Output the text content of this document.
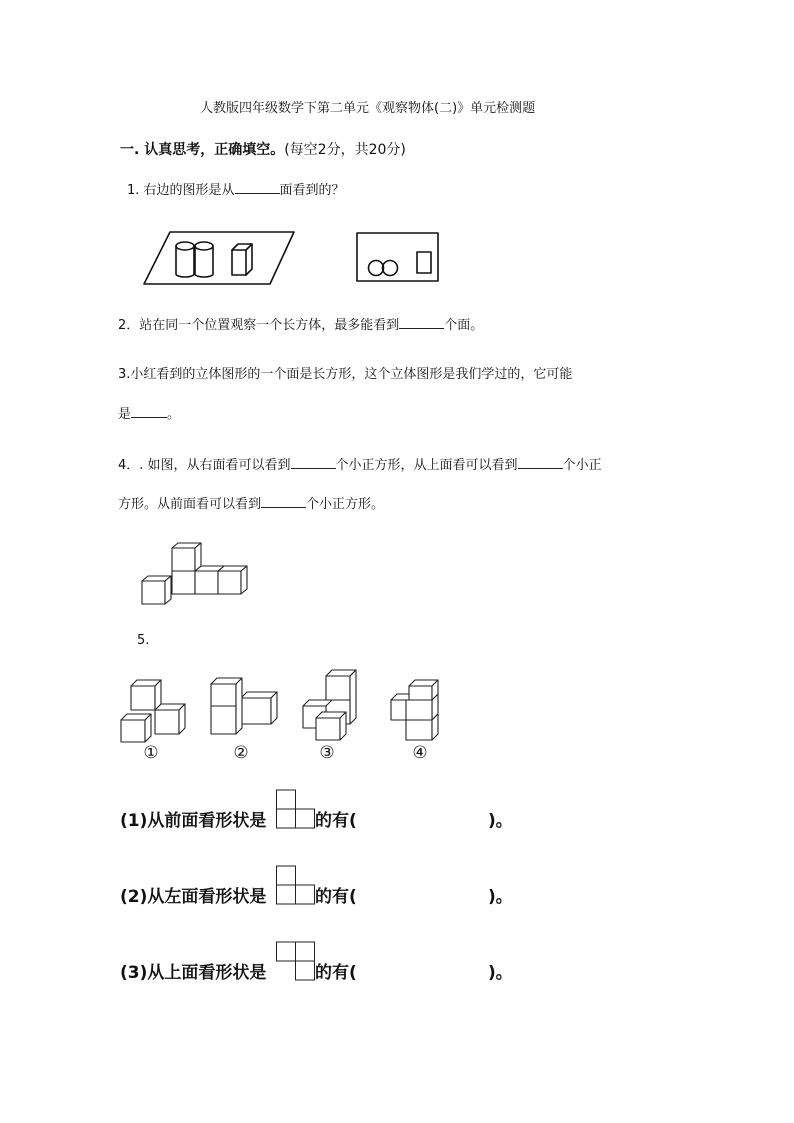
人教版四年级数学下第二单元《观察物体(二)》单元检测题
一. 认真思考，正确填空。(每空2分，共20分)
1. 右边的图形是从	面看到的？
2．站在同一个位置观察一个长方体，最多能看到	个面。
3.小红看到的立体图形的一个面是长方形，这个立体图形是我们学过的，它可能
是	。
4．. 如图，从右面看可以看到	个小正方形，从上面看可以看到	个小正
方形。从前面看可以看到	个小正方形。
5.
①	②	③	④
(1)从前面看形状是	的有(	)。
(2)从左面看形状是	的有(	)。
(3)从上面看形状是	的有(	)。
